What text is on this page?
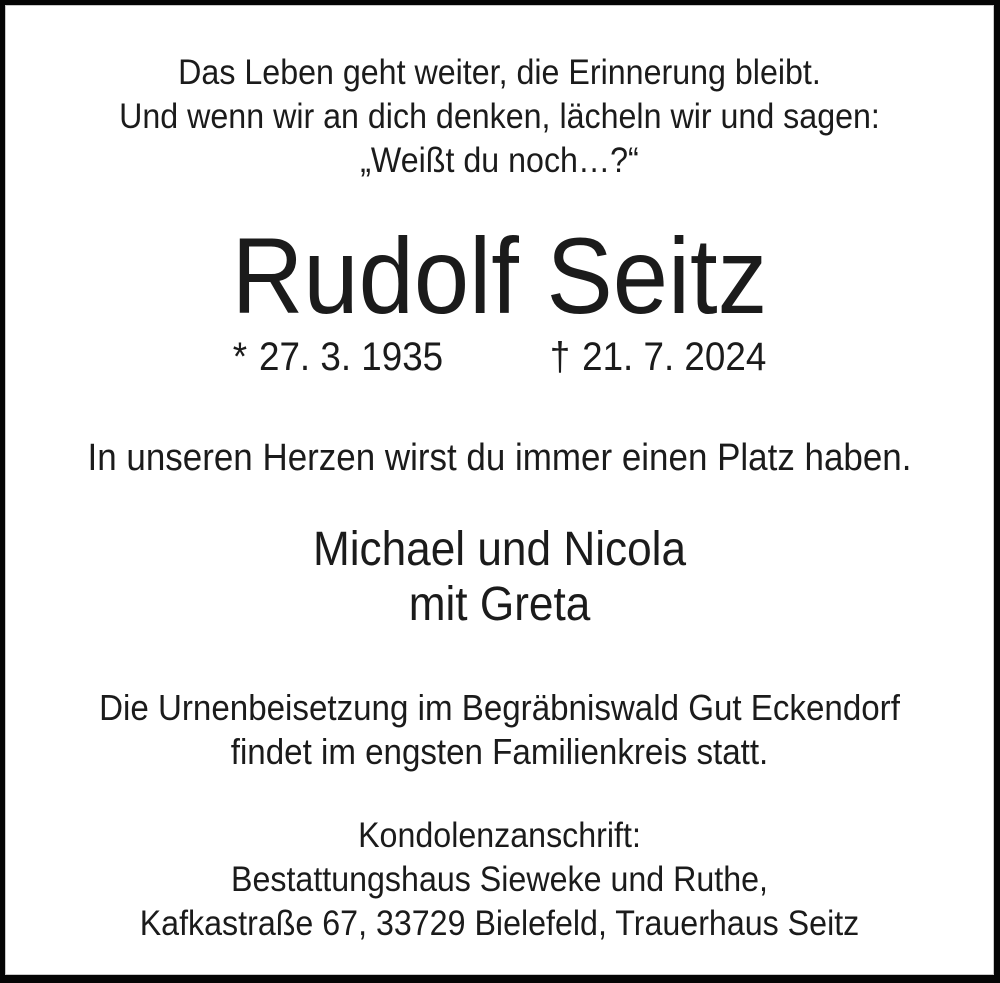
Das Leben geht weiter, die Erinnerung bleibt.
Und wenn wir an dich denken, lächeln wir und sagen:
„Weißt du noch…?“
Rudolf Seitz
* 27. 3. 1935	† 21. 7. 2024
In unseren Herzen wirst du immer einen Platz haben.
Michael und Nicola
mit Greta
Die Urnenbeisetzung im Begräbniswald Gut Eckendorf
findet im engsten Familienkreis statt.
Kondolenzanschrift:
Bestattungshaus Sieweke und Ruthe,
Kafkastraße 67, 33729 Bielefeld, Trauerhaus Seitz
